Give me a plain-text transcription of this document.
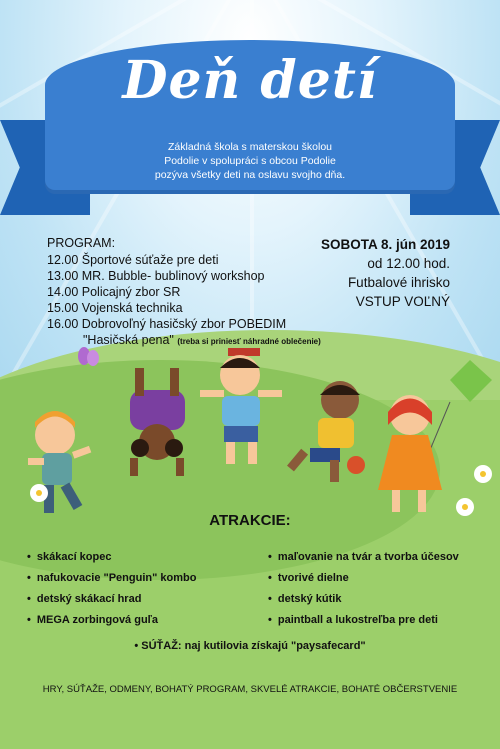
Deň detí
Základná škola s materskou školou
Podolie v spolupráci s obcou Podolie
pozýva všetky deti na oslavu svojho dňa.
PROGRAM:
12.00 Športové súťaže pre deti
13.00 MR. Bubble- bublinový workshop
14.00 Policajný zbor SR
15.00 Vojenská technika
16.00 Dobrovoľný hasičský zbor POBEDIM
"Hasičská pena" (treba si priniesť náhradné oblečenie)
SOBOTA 8. jún 2019
od 12.00 hod.
Futbalové ihrisko
VSTUP VOĽNÝ
ATRAKCIE:
• skákací kopec
• nafukovacie "Penguin" kombo
• detský skákací hrad
• MEGA zorbingová guľa
• maľovanie na tvár a tvorba účesov
• tvorivé dielne
• detský kútik
• paintball a lukostreľba pre deti
• SÚŤAŽ: naj kutilovia získajú "paysafecard"
HRY, SÚŤAŽE, ODMENY, BOHATÝ PROGRAM, SKVELÉ ATRAKCIE, BOHATÉ OBČERSTVENIE
